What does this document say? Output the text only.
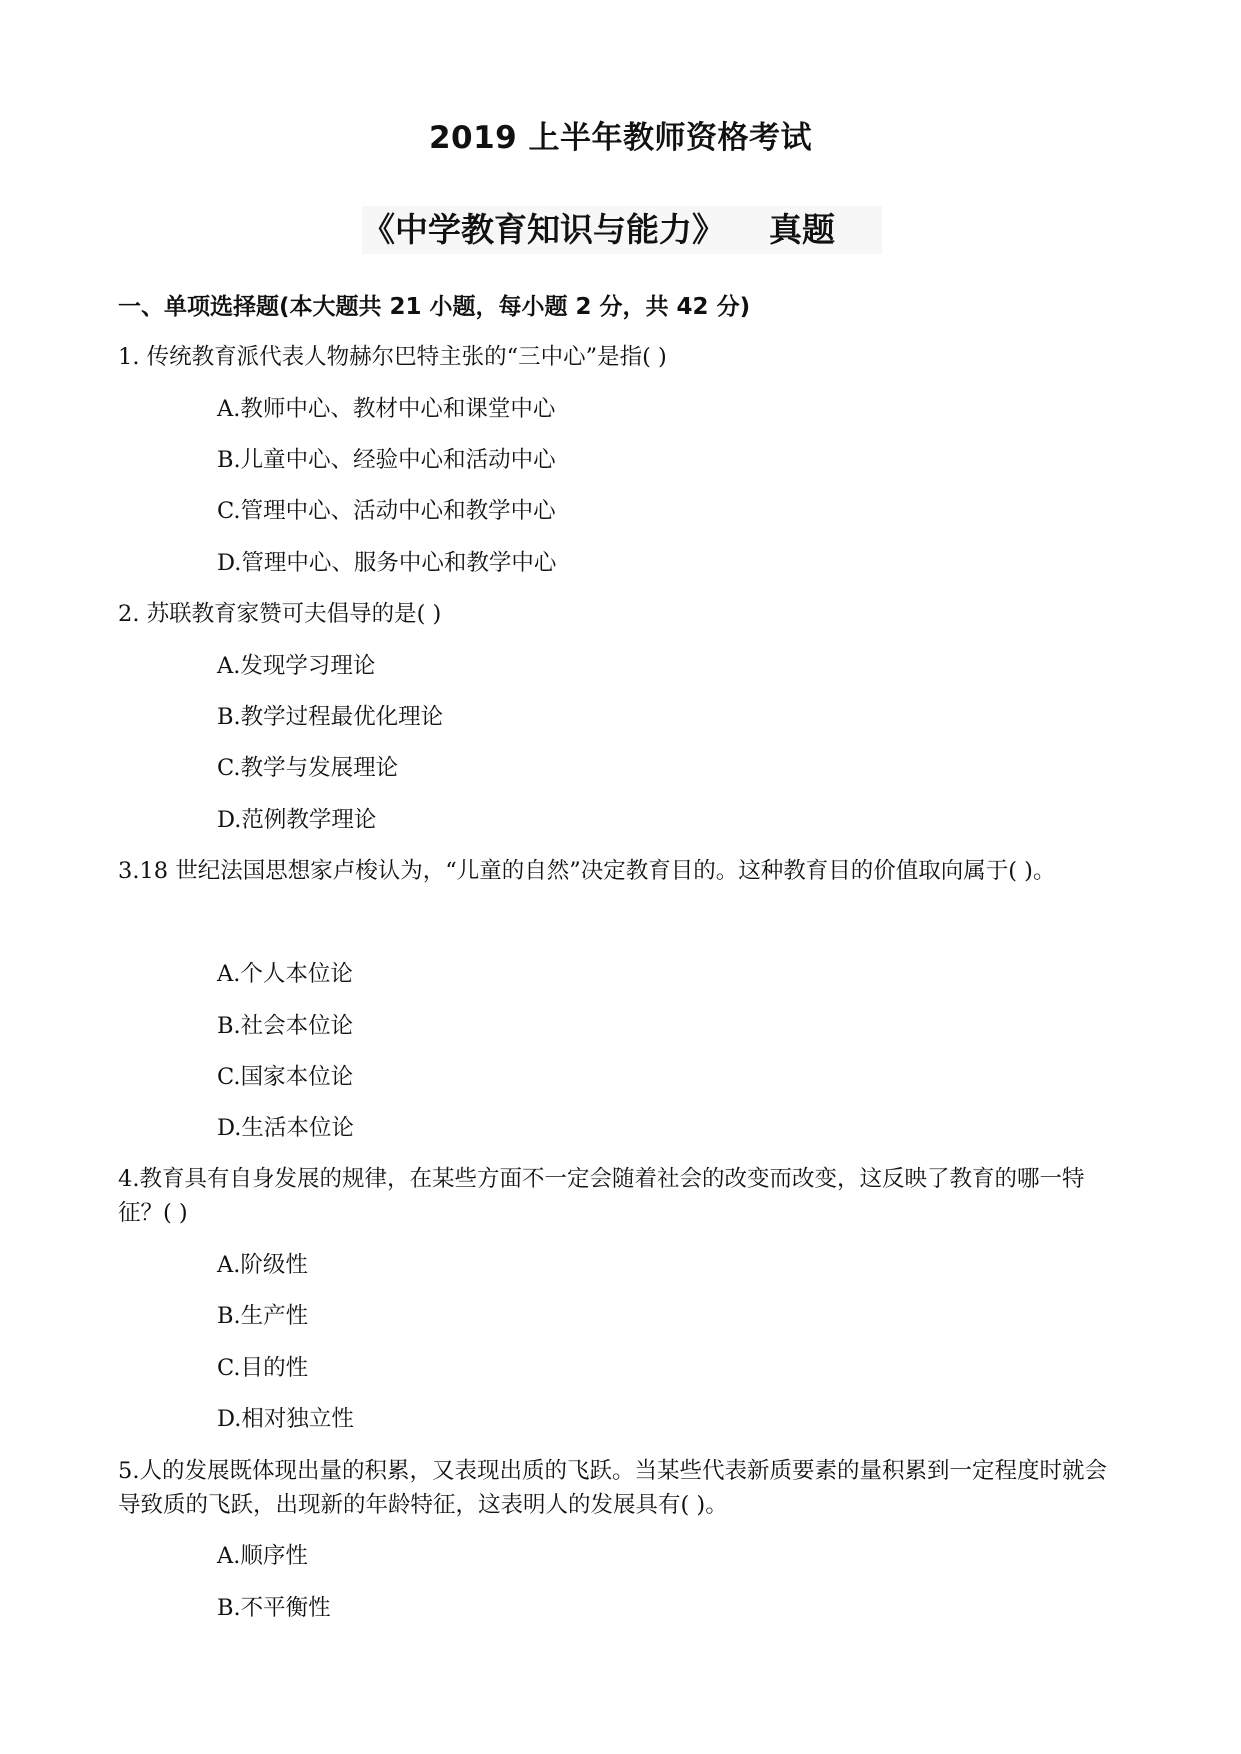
2019 上半年教师资格考试
《中学教育知识与能力》 真题
一、单项选择题(本大题共 21 小题，每小题 2 分，共 42 分)
1. 传统教育派代表人物赫尔巴特主张的“三中心”是指( )
A.教师中心、教材中心和课堂中心
B.儿童中心、经验中心和活动中心
C.管理中心、活动中心和教学中心
D.管理中心、服务中心和教学中心
2. 苏联教育家赞可夫倡导的是( )
A.发现学习理论
B.教学过程最优化理论
C.教学与发展理论
D.范例教学理论
3.18 世纪法国思想家卢梭认为，“儿童的自然”决定教育目的。这种教育目的价值取向属于( )。
A.个人本位论
B.社会本位论
C.国家本位论
D.生活本位论
4.教育具有自身发展的规律，在某些方面不一定会随着社会的改变而改变，这反映了教育的哪一特征？( )
A.阶级性
B.生产性
C.目的性
D.相对独立性
5.人的发展既体现出量的积累，又表现出质的飞跃。当某些代表新质要素的量积累到一定程度时就会导致质的飞跃，出现新的年龄特征，这表明人的发展具有( )。
A.顺序性
B.不平衡性
